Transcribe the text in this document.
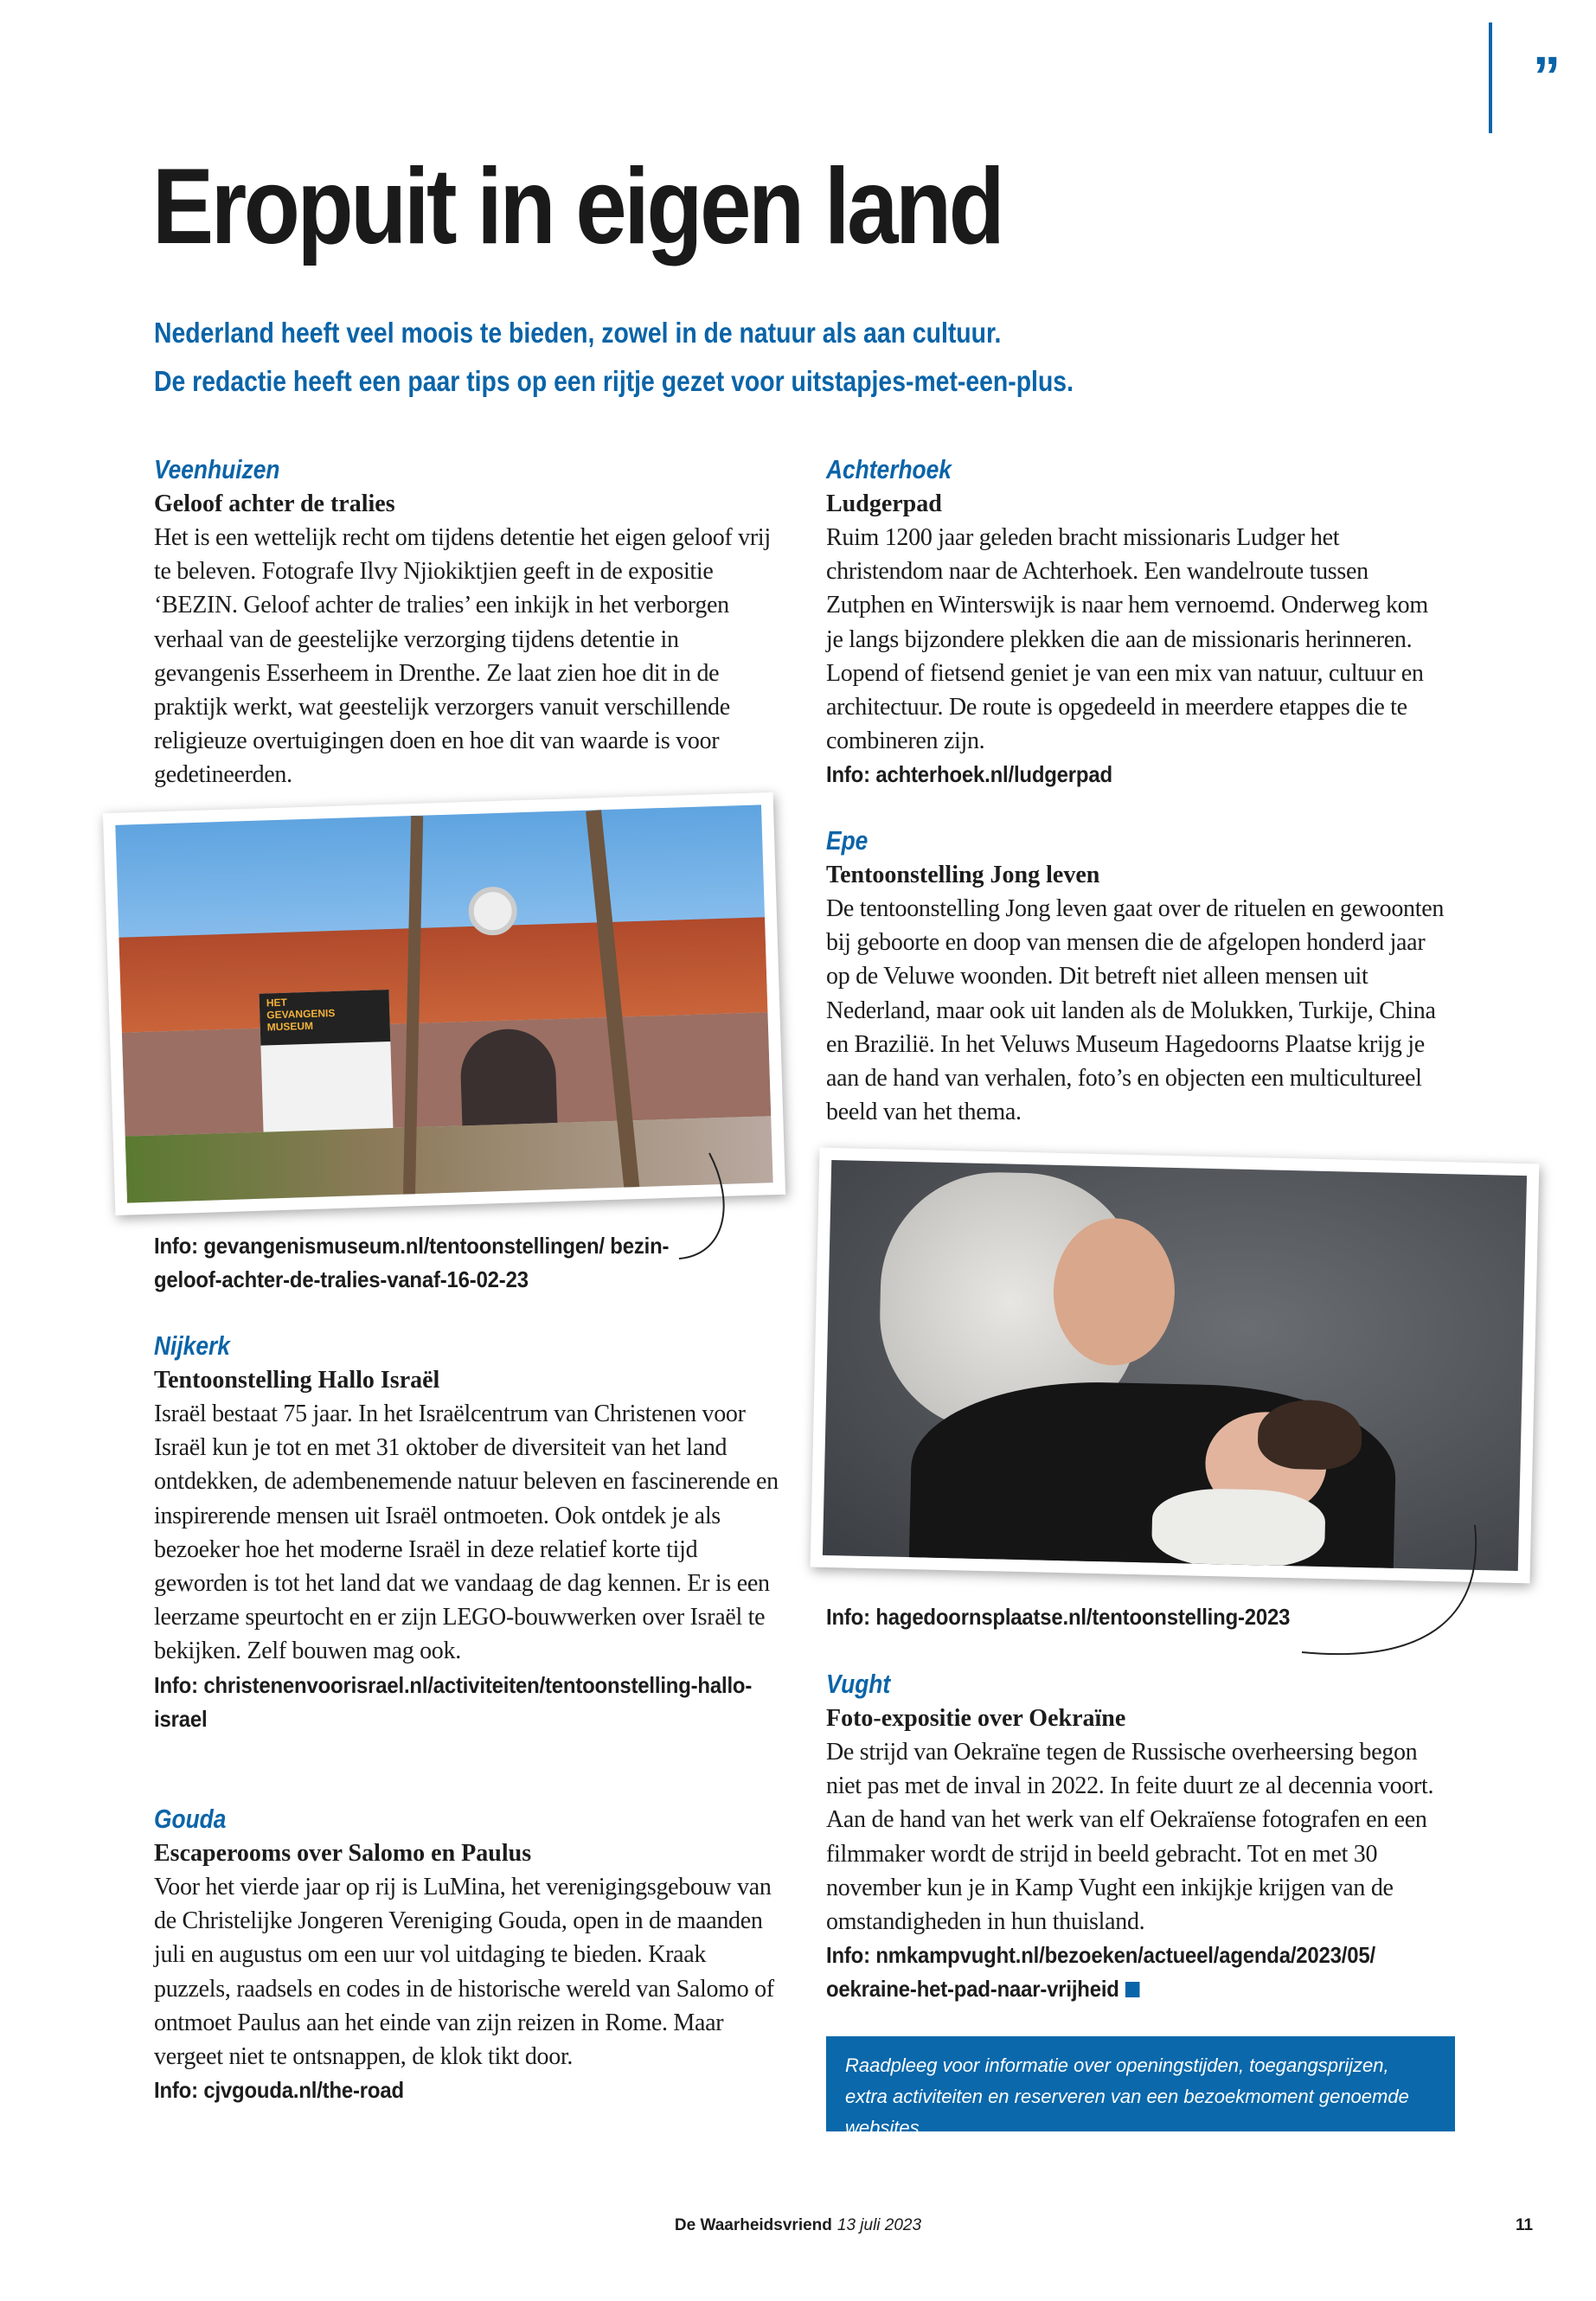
”
Eropuit in eigen land
Nederland heeft veel moois te bieden, zowel in de natuur als aan cultuur.
De redactie heeft een paar tips op een rijtje gezet voor uitstapjes-met-een-plus.
Veenhuizen
Geloof achter de tralies

Het is een wettelijk recht om tijdens detentie het eigen geloof vrij te beleven. Fotografe Ilvy Njiokiktjien geeft in de expositie ‘BEZIN. Geloof achter de tralies’ een inkijk in het verborgen verhaal van de geestelijke verzorging tijdens detentie in gevangenis Esserheem in Drenthe. Ze laat zien hoe dit in de praktijk werkt, wat geestelijk verzorgers vanuit verschillende religieuze overtuigingen doen en hoe dit van waarde is voor gedetineerden.

HET GEVANGENIS MUSEUM
Info: gevangenismuseum.nl/tentoonstellingen/ bezin-geloof-achter-de-tralies-vanaf-16-02-23
Nijkerk
Tentoonstelling Hallo Israël

Israël bestaat 75 jaar. In het Israëlcentrum van Christenen voor Israël kun je tot en met 31 oktober de diversiteit van het land ontdekken, de adembenemende natuur beleven en fascinerende en inspirerende mensen uit Israël ontmoeten. Ook ontdek je als bezoeker hoe het moderne Israël in deze relatief korte tijd geworden is tot het land dat we vandaag de dag kennen. Er is een leerzame speurtocht en er zijn LEGO-bouwwerken over Israël te bekijken. Zelf bouwen mag ook.

Info: christenenvoorisrael.nl/activiteiten/tentoonstelling-hallo-israel
Gouda
Escaperooms over Salomo en Paulus

Voor het vierde jaar op rij is LuMina, het verenigingsgebouw van de Christelijke Jongeren Vereniging Gouda, open in de maanden juli en augustus om een uur vol uitdaging te bieden. Kraak puzzels, raadsels en codes in de historische wereld van Salomo of ontmoet Paulus aan het einde van zijn reizen in Rome. Maar vergeet niet te ontsnappen, de klok tikt door.

Info: cjvgouda.nl/the-road
Achterhoek
Ludgerpad

Ruim 1200 jaar geleden bracht missionaris Ludger het christendom naar de Achterhoek. Een wandelroute tussen Zutphen en Winterswijk is naar hem vernoemd. Onderweg kom je langs bijzondere plekken die aan de missionaris herinneren. Lopend of fietsend geniet je van een mix van natuur, cultuur en architectuur. De route is opgedeeld in meerdere etappes die te combineren zijn.

Info: achterhoek.nl/ludgerpad
Epe
Tentoonstelling Jong leven

De tentoonstelling Jong leven gaat over de rituelen en gewoonten bij geboorte en doop van mensen die de afgelopen honderd jaar op de Veluwe woonden. Dit betreft niet alleen mensen uit Nederland, maar ook uit landen als de Molukken, Turkije, China en Brazilië. In het Veluws Museum Hagedoorns Plaatse krijg je aan de hand van verhalen, foto’s en objecten een multicultureel beeld van het thema.

Info: hagedoornsplaatse.nl/tentoonstelling-2023
Vught
Foto-expositie over Oekraïne

De strijd van Oekraïne tegen de Russische overheersing begon niet pas met de inval in 2022. In feite duurt ze al decennia voort. Aan de hand van het werk van elf Oekraïense fotografen en een filmmaker wordt de strijd in beeld gebracht. Tot en met 30 november kun je in Kamp Vught een inkijkje krijgen van de omstandigheden in hun thuisland.

Info: nmkampvught.nl/bezoeken/actueel/agenda/2023/05/ oekraine-het-pad-naar-vrijheid
Raadpleeg voor informatie over openingstijden, toegangsprijzen, extra activiteiten en reserveren van een bezoekmoment genoemde websites.
De Waarheidsvriend 13 juli 2023	11
